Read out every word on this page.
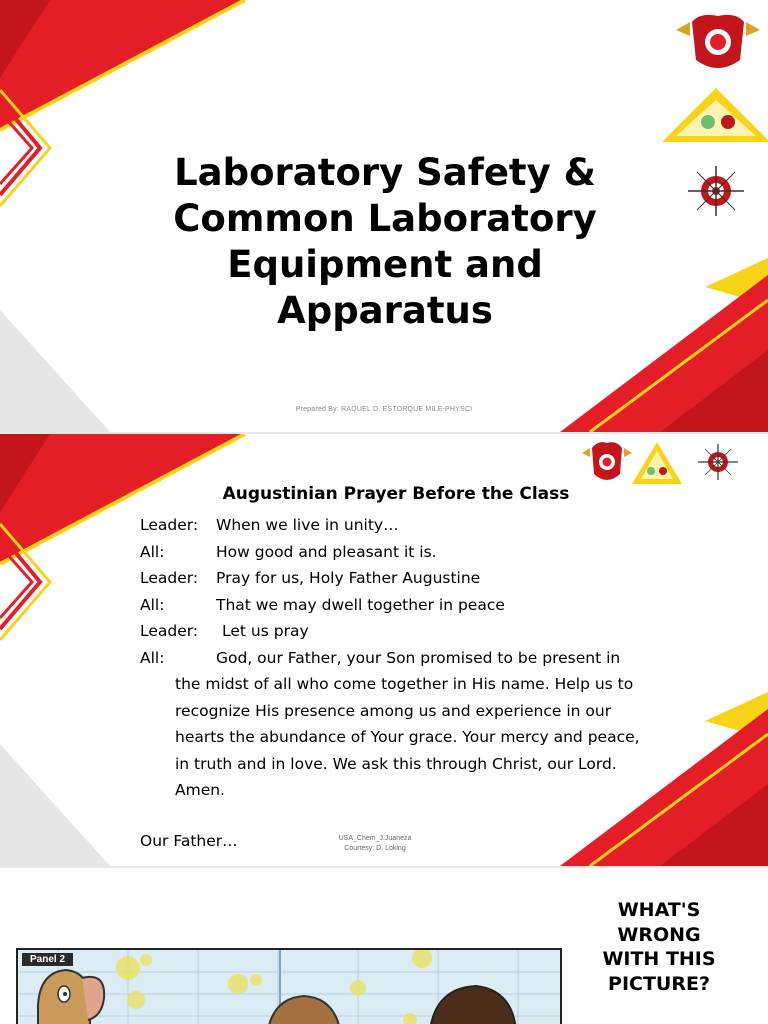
Laboratory Safety &
Common Laboratory
Equipment and
Apparatus
Prepared By: RAQUEL D. ESTORQUE MILE-PHYSCI
Augustinian Prayer Before the Class
Leader: When we live in unity…
All:	How good and pleasant it is.
Leader: Pray for us, Holy Father Augustine
All:	That we may dwell together in peace
Leader: Let us pray
All:	God, our Father, your Son promised to be present in
the midst of all who come together in His name. Help us to
recognize His presence among us and experience in our
hearts the abundance of Your grace. Your mercy and peace,
in truth and in love. We ask this through Christ, our Lord.
Amen.
Our Father…	USA_Chem_J.Juaneza
Courtesy: D. Loking
WHAT'S
WRONG
WITH THIS
PICTURE?
Panel 2
